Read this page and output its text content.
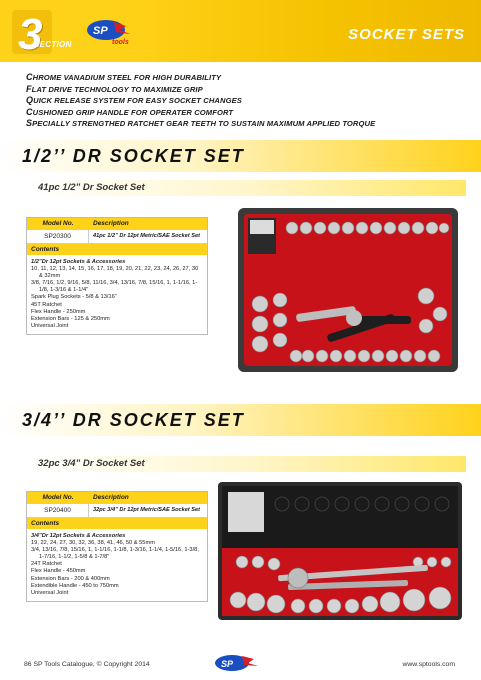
3
SECTION
SP
tools	SOCKET SETS
CHROME VANADIUM STEEL FOR HIGH DURABILITY
FLAT DRIVE TECHNOLOGY TO MAXIMIZE GRIP
QUICK RELEASE SYSTEM FOR EASY SOCKET CHANGES
CUSHIONED GRIP HANDLE FOR OPERATER COMFORT
SPECIALLY STRENGTHED RATCHET GEAR TEETH TO SUSTAIN MAXIMUM APPLIED TORQUE
1/2’’ DR SOCKET SET
41pc 1/2” Dr Socket Set
Model No.	Description
SP20300	41pc 1/2” Dr 12pt Metric/SAE Socket Set
Contents
1/2”Dr 12pt Sockets & Accessories
10, 11, 12, 13, 14, 15, 16, 17, 18, 19, 20, 21, 22, 23, 24, 26, 27, 30 & 32mm
3/8, 7/16, 1/2, 9/16, 5/8, 11/16, 3/4, 13/16, 7/8, 15/16, 1, 1-1/16, 1-1/8, 1-3/16 & 1-1/4”
Spark Plug Sockets - 5/8 & 13/16”
45T Ratchet
Flex Handle - 250mm
Extension Bars - 125 & 250mm
Universal Joint
3/4’’ DR SOCKET SET
32pc 3/4” Dr Socket Set
Model No.	Description
SP20400	32pc 3/4” Dr 12pt Metric/SAE Socket Set
Contents
3/4”Dr 12pt Sockets & Accessories
19, 22, 24, 27, 30, 32, 36, 38, 41, 46, 50 & 55mm
3/4, 13/16, 7/8, 15/16, 1, 1-1/16, 1-1/8, 1-3/16, 1-1/4, 1-5/16, 1-3/8, 1-7/16, 1-1/2, 1-5/8 & 1-7/8”
24T Ratchet
Flex Handle - 450mm
Extension Bars - 200 & 400mm
Extendible Handle - 450 to 750mm
Universal Joint
86 SP Tools Catalogue, © Copyright 2014	SP	www.sptools.com
